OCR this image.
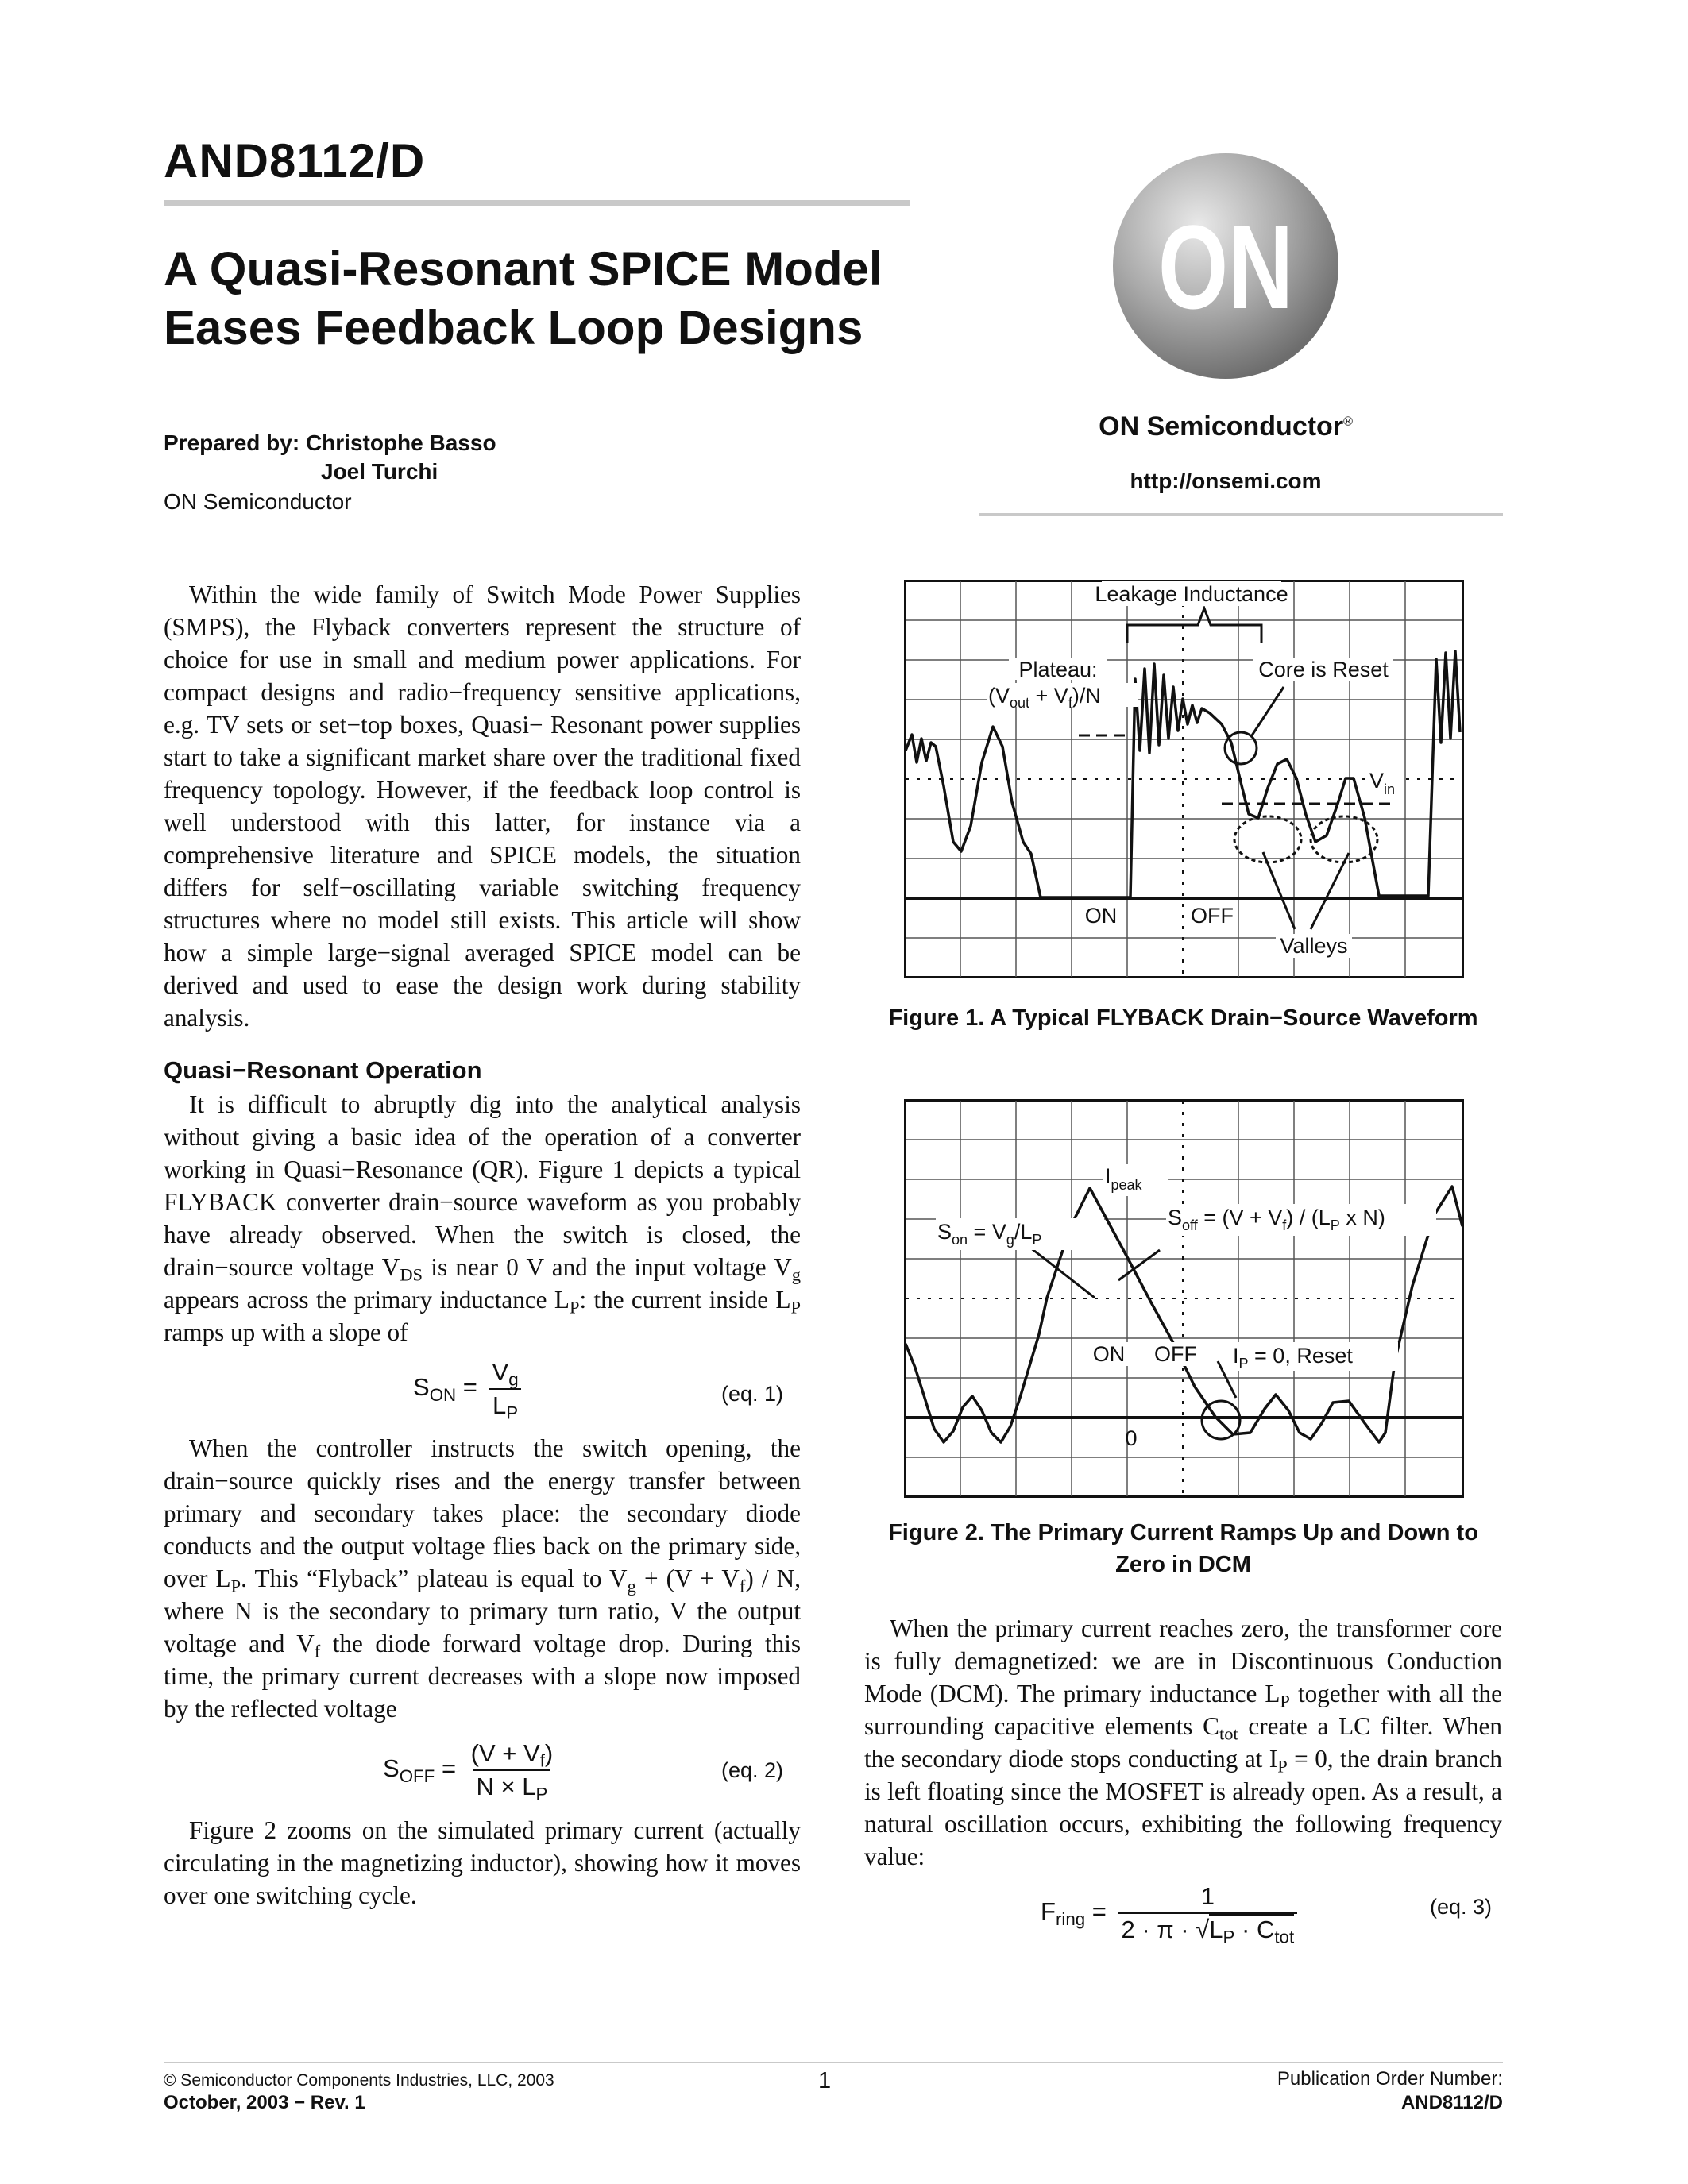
AND8112/D
A Quasi-Resonant SPICE Model Eases Feedback Loop Designs
Prepared by: Christophe Basso
Joel Turchi
ON Semiconductor
ON
ON Semiconductor®
http://onsemi.com
Within the wide family of Switch Mode Power Supplies (SMPS), the Flyback converters represent the structure of choice for use in small and medium power applications. For compact designs and radio−frequency sensitive applications, e.g. TV sets or set−top boxes, Quasi− Resonant power supplies start to take a significant market share over the traditional fixed frequency topology. However, if the feedback loop control is well understood with this latter, for instance via a comprehensive literature and SPICE models, the situation differs for self−oscillating variable switching frequency structures where no model still exists. This article will show how a simple large−signal averaged SPICE model can be derived and used to ease the design work during stability analysis.
Quasi−Resonant Operation
It is difficult to abruptly dig into the analytical analysis without giving a basic idea of the operation of a converter working in Quasi−Resonance (QR). Figure 1 depicts a typical FLYBACK converter drain−source waveform as you probably have already observed. When the switch is closed, the drain−source voltage $V_{DS}$ is near 0 V and the input voltage $V_g$ appears across the primary inductance $L_P$: the current inside $L_P$ ramps up with a slope of
$S_{ON} = \frac{V_g}{L_P}$	(eq. 1)
When the controller instructs the switch opening, the drain−source quickly rises and the energy transfer between primary and secondary takes place: the secondary diode conducts and the output voltage flies back on the primary side, over $L_P$. This “Flyback” plateau is equal to $V_g + (V + V_f) / N$, where N is the secondary to primary turn ratio, V the output voltage and $V_f$ the diode forward voltage drop. During this time, the primary current decreases with a slope now imposed by the reflected voltage
$S_{OFF} = \frac{(V + V_f)}{N \times L_P}$	(eq. 2)
Figure 2 zooms on the simulated primary current (actually circulating in the magnetizing inductor), showing how it moves over one switching cycle.
Leakage Inductance
Plateau:
$(V_{out} + V_f)/N$
Core is Reset
$V_{in}$
ON	OFF
Valleys
Figure 1. A Typical FLYBACK Drain−Source Waveform
$I_{peak}$
$S_{on} = V_g/L_P$
$S_{off} = (V + V_f) / (L_P$ x N)
ON OFF $I_P = 0$, Reset
0
Figure 2. The Primary Current Ramps Up and Down to Zero in DCM
When the primary current reaches zero, the transformer core is fully demagnetized: we are in Discontinuous Conduction Mode (DCM). The primary inductance $L_P$ together with all the surrounding capacitive elements $C_{tot}$ create a LC filter. When the secondary diode stops conducting at $I_P = 0$, the drain branch is left floating since the MOSFET is already open. As a result, a natural oscillation occurs, exhibiting the following frequency value:
$F_{ring} = \frac{1}{2 \cdot \pi \cdot √L_P \cdot C_{tot}}$	(eq. 3)
© Semiconductor Components Industries, LLC, 2003
October, 2003 − Rev. 1
1	Publication Order Number:
AND8112/D
